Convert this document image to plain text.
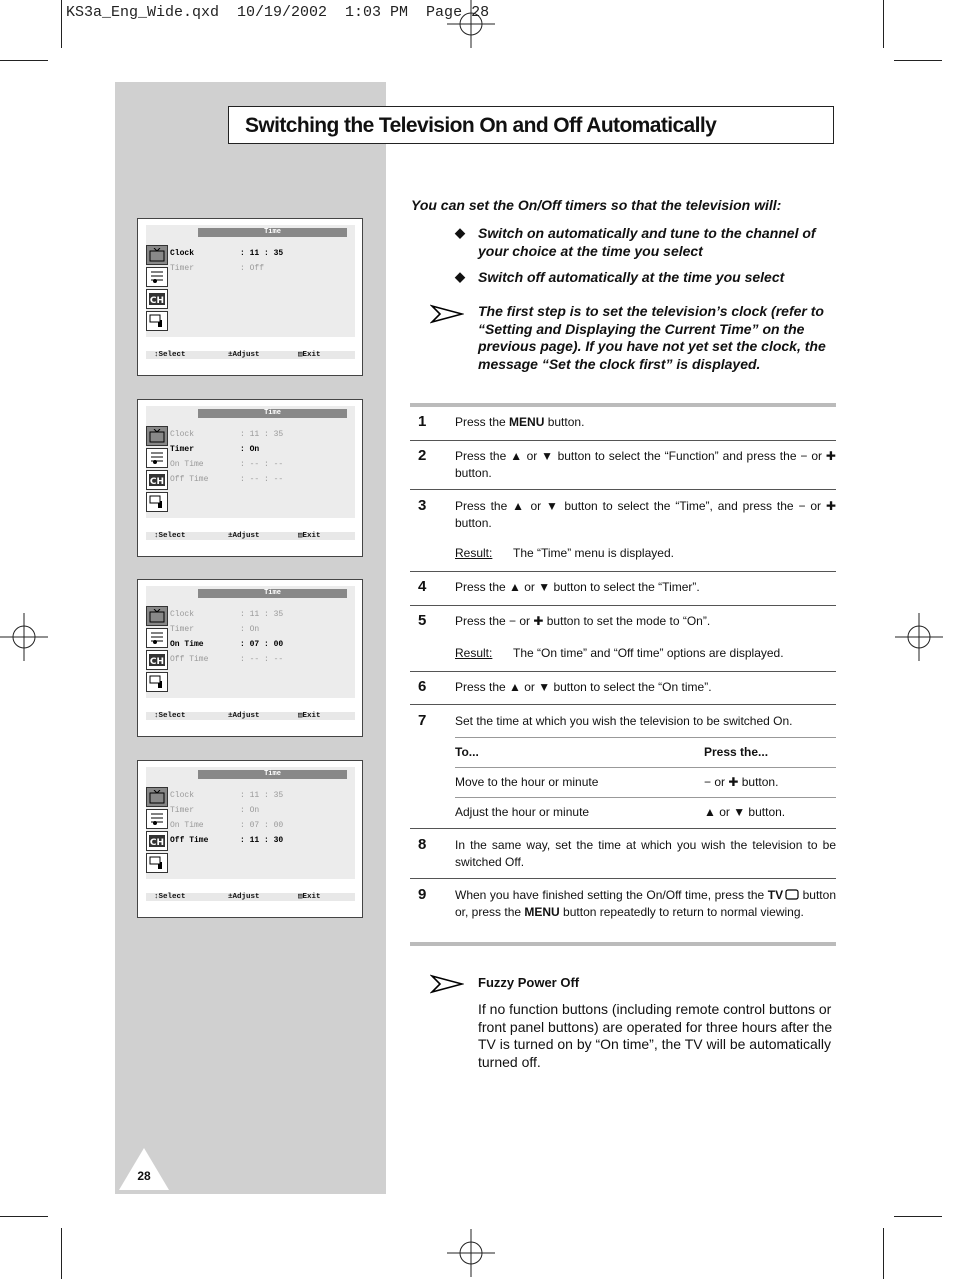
KS3a_Eng_Wide.qxd  10/19/2002  1:03 PM  Page 28
Switching the Television On and Off Automatically
CH
Time
Clock	: 11 : 35
Timer	: Off
↕Select	±Adjust	▤Exit
CH
Time
Clock	: 11 : 35
Timer	: On
On Time	: -- : --
Off Time	: -- : --
↕Select	±Adjust	▤Exit
CH
Time
Clock	: 11 : 35
Timer	: On
On Time	: 07 : 00
Off Time	: -- : --
↕Select	±Adjust	▤Exit
CH
Time
Clock	: 11 : 35
Timer	: On
On Time	: 07 : 00
Off Time	: 11 : 30
↕Select	±Adjust	▤Exit
You can set the On/Off timers so that the television will:
◆ Switch on automatically and tune to the channel of your choice at the time you select
◆ Switch off automatically at the time you select
The first step is to set the television’s clock (refer to “Setting and Displaying the Current Time” on the previous page). If you have not yet set the clock, the message “Set the clock first” is displayed.
1 Press the MENU button.
2 Press the ▲ or ▼ button to select the “Function” and press the − or ✚ button.
3 Press the ▲ or ▼ button to select the “Time”, and press the − or ✚ button.
Result: The “Time” menu is displayed.
4 Press the ▲ or ▼ button to select the “Timer”.
5 Press the − or ✚ button to set the mode to “On”.
Result: The “On time” and “Off time” options are displayed.
6 Press the ▲ or ▼ button to select the “On time”.
7 Set the time at which you wish the television to be switched On.
To...	Press the...
Move to the hour or minute	− or ✚ button.
Adjust the hour or minute	▲ or ▼ button.
8 In the same way, set the time at which you wish the television to be switched Off.
9 When you have finished setting the On/Off time, press the TV button or, press the MENU button repeatedly to return to normal viewing.
Fuzzy Power Off
If no function buttons (including remote control buttons or front panel buttons) are operated for three hours after the TV is turned on by “On time”, the TV will be automatically turned off.
28
